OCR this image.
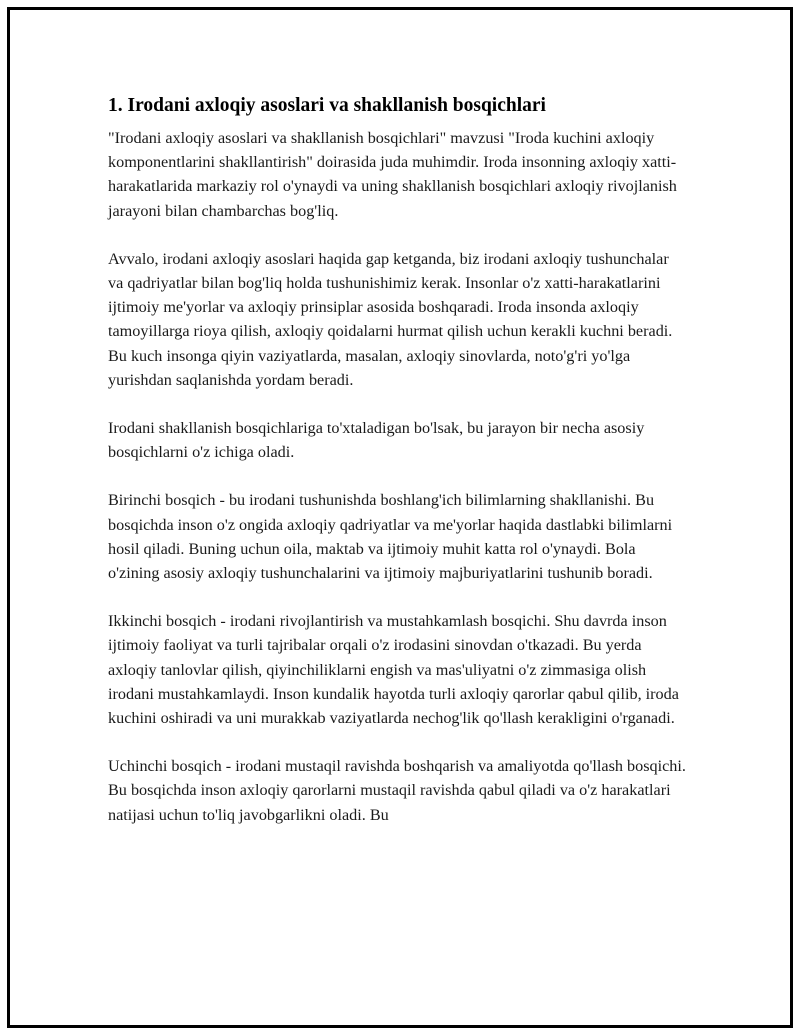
1. Irodani axloqiy asoslari va shakllanish bosqichlari

"Irodani axloqiy asoslari va shakllanish bosqichlari" mavzusi "Iroda kuchini axloqiy komponentlarini shakllantirish" doirasida juda muhimdir. Iroda insonning axloqiy xatti-harakatlarida markaziy rol o'ynaydi va uning shakllanish bosqichlari axloqiy rivojlanish jarayoni bilan chambarchas bog'liq.

Avvalo, irodani axloqiy asoslari haqida gap ketganda, biz irodani axloqiy tushunchalar va qadriyatlar bilan bog'liq holda tushunishimiz kerak. Insonlar o'z xatti-harakatlarini ijtimoiy me'yorlar va axloqiy prinsiplar asosida boshqaradi. Iroda insonda axloqiy tamoyillarga rioya qilish, axloqiy qoidalarni hurmat qilish uchun kerakli kuchni beradi. Bu kuch insonga qiyin vaziyatlarda, masalan, axloqiy sinovlarda, noto'g'ri yo'lga yurishdan saqlanishda yordam beradi.

Irodani shakllanish bosqichlariga to'xtaladigan bo'lsak, bu jarayon bir necha asosiy bosqichlarni o'z ichiga oladi.

Birinchi bosqich - bu irodani tushunishda boshlang'ich bilimlarning shakllanishi. Bu bosqichda inson o'z ongida axloqiy qadriyatlar va me'yorlar haqida dastlabki bilimlarni hosil qiladi. Buning uchun oila, maktab va ijtimoiy muhit katta rol o'ynaydi. Bola o'zining asosiy axloqiy tushunchalarini va ijtimoiy majburiyatlarini tushunib boradi.

Ikkinchi bosqich - irodani rivojlantirish va mustahkamlash bosqichi. Shu davrda inson ijtimoiy faoliyat va turli tajribalar orqali o'z irodasini sinovdan o'tkazadi. Bu yerda axloqiy tanlovlar qilish, qiyinchiliklarni engish va mas'uliyatni o'z zimmasiga olish irodani mustahkamlaydi. Inson kundalik hayotda turli axloqiy qarorlar qabul qilib, iroda kuchini oshiradi va uni murakkab vaziyatlarda nechog'lik qo'llash kerakligini o'rganadi.

Uchinchi bosqich - irodani mustaqil ravishda boshqarish va amaliyotda qo'llash bosqichi. Bu bosqichda inson axloqiy qarorlarni mustaqil ravishda qabul qiladi va o'z harakatlari natijasi uchun to'liq javobgarlikni oladi. Bu
